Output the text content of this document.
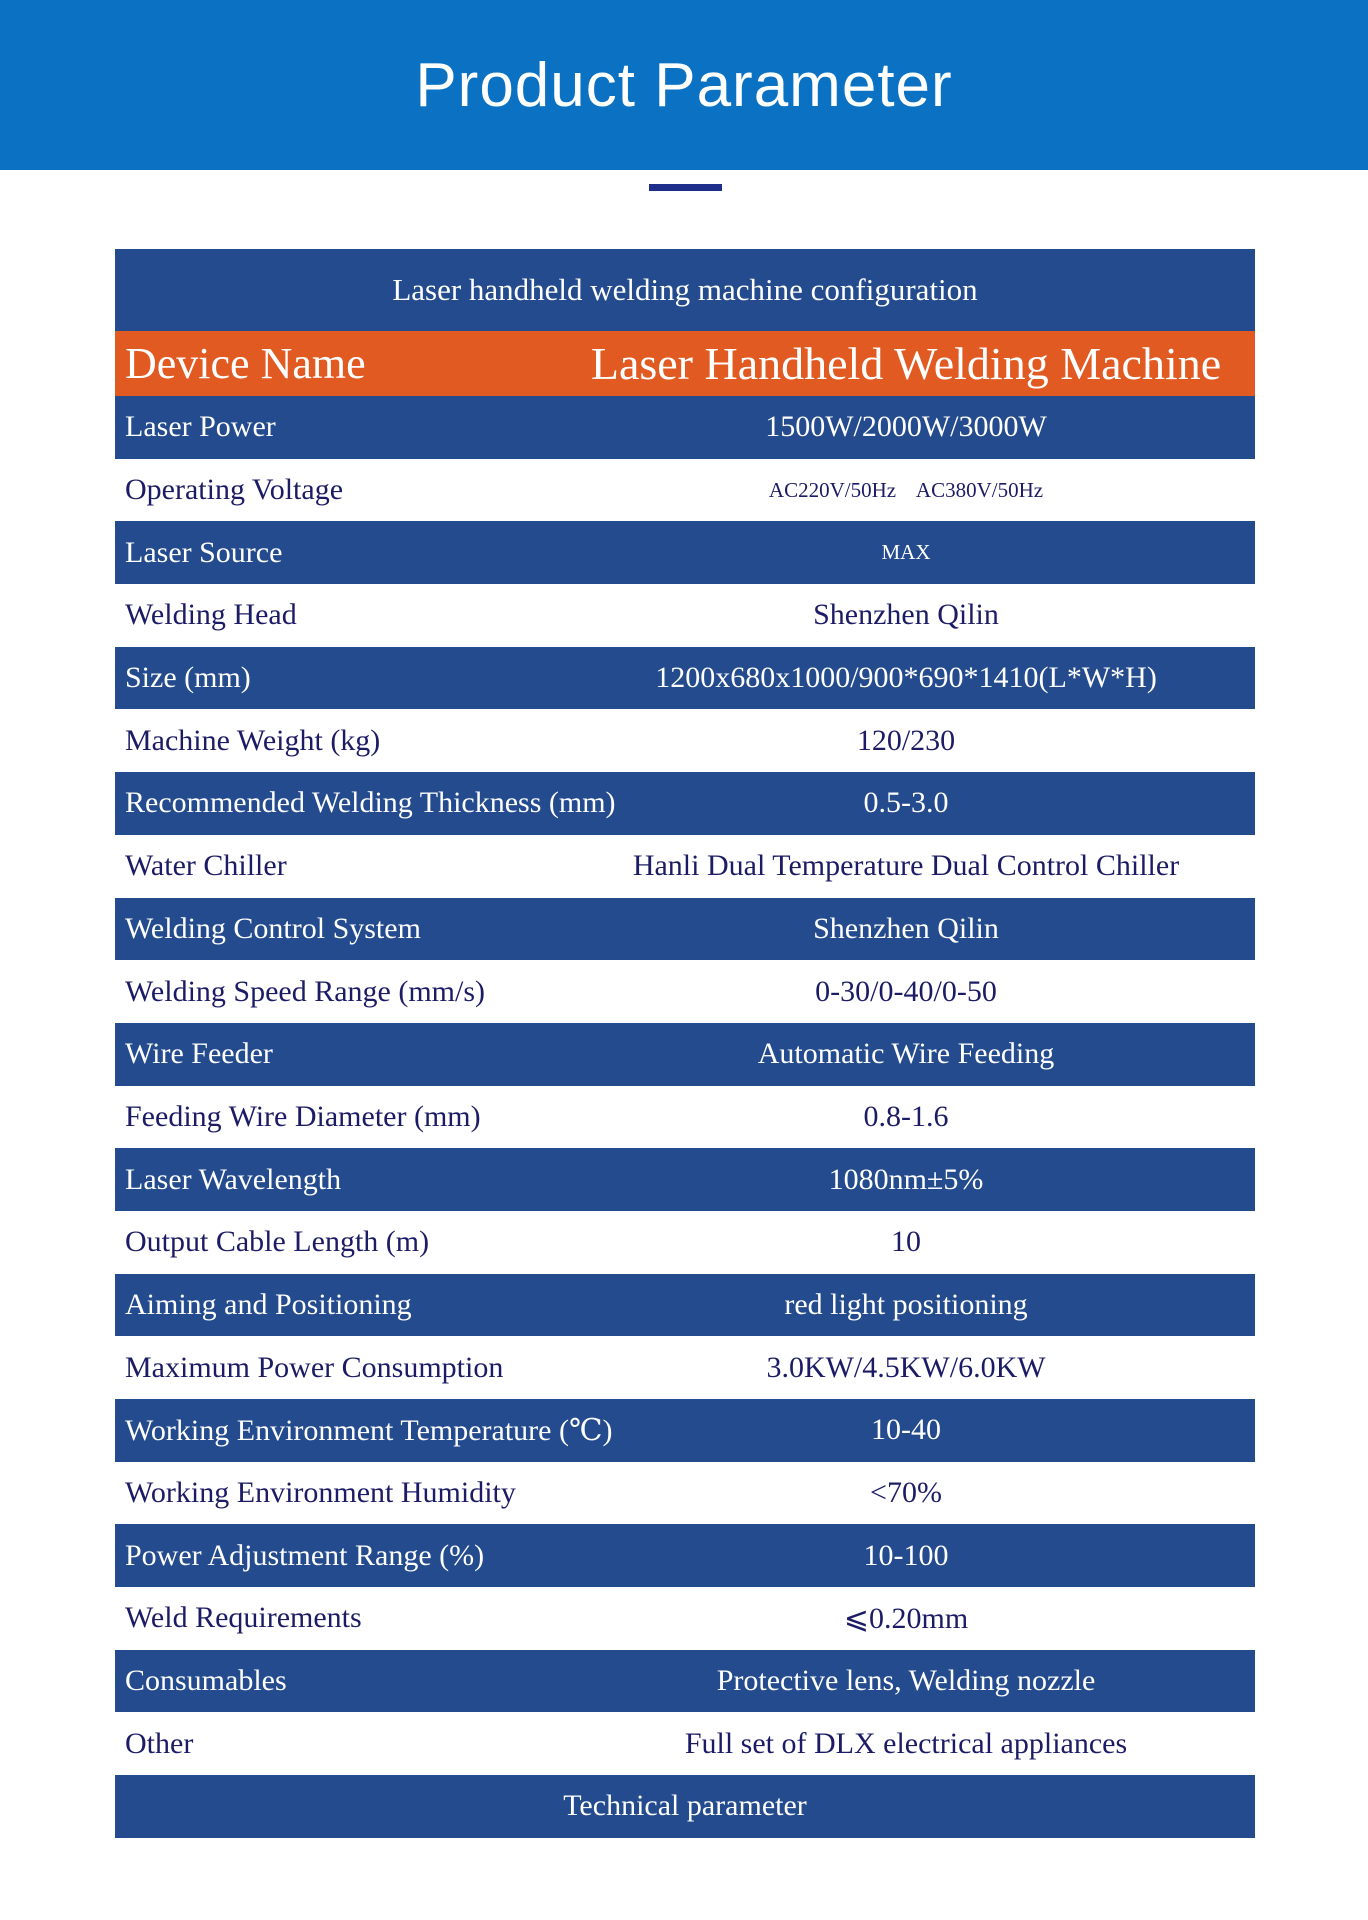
Product Parameter
Laser handheld welding machine configuration
Device Name	Laser Handheld Welding Machine
Laser Power	1500W/2000W/3000W
Operating Voltage	AC220V/50Hz    AC380V/50Hz
Laser Source	MAX
Welding Head	Shenzhen Qilin
Size (mm)	1200x680x1000/900*690*1410(L*W*H)
Machine Weight (kg)	120/230
Recommended Welding Thickness (mm)	0.5-3.0
Water Chiller	Hanli Dual Temperature Dual Control Chiller
Welding Control System	Shenzhen Qilin
Welding Speed Range (mm/s)	0-30/0-40/0-50
Wire Feeder	Automatic Wire Feeding
Feeding Wire Diameter (mm)	0.8-1.6
Laser Wavelength	1080nm±5%
Output Cable Length (m)	10
Aiming and Positioning	red light positioning
Maximum Power Consumption	3.0KW/4.5KW/6.0KW
Working Environment Temperature (℃)	10-40
Working Environment Humidity	<70%
Power Adjustment Range (%)	10-100
Weld Requirements	⩽0.20mm
Consumables	Protective lens, Welding nozzle
Other	Full set of DLX electrical appliances
Technical parameter
